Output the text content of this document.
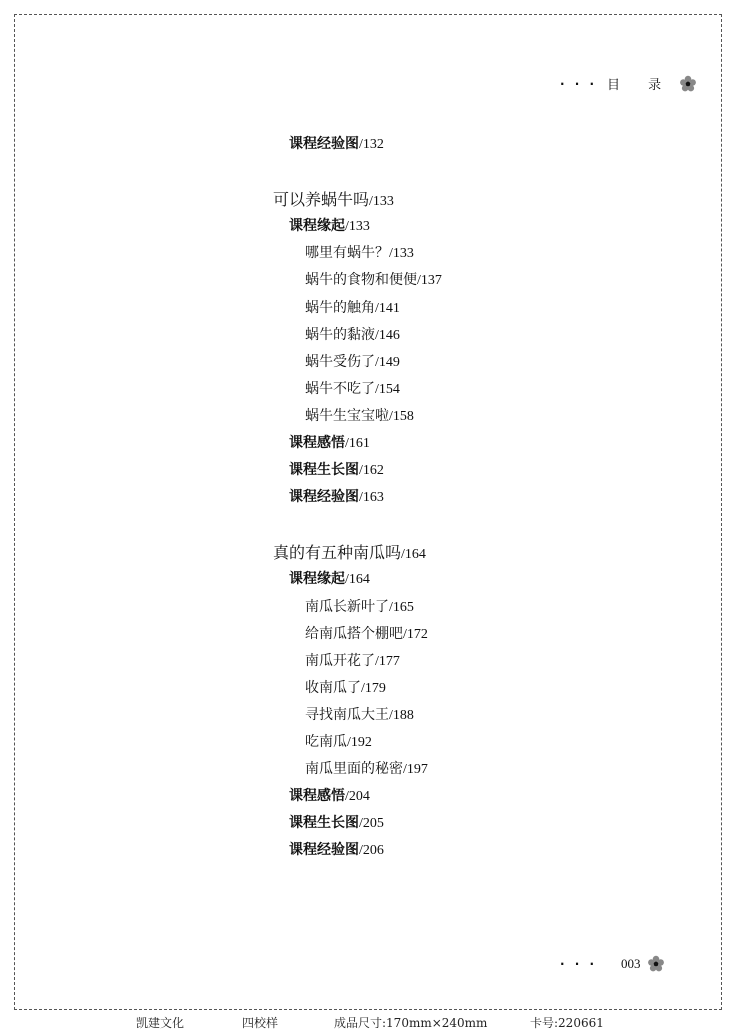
· · · 目 录
课程经验图/132
可以养蜗牛吗/133
课程缘起/133
哪里有蜗牛？/133
蜗牛的食物和便便/137
蜗牛的触角/141
蜗牛的黏液/146
蜗牛受伤了/149
蜗牛不吃了/154
蜗牛生宝宝啦/158
课程感悟/161
课程生长图/162
课程经验图/163
真的有五种南瓜吗/164
课程缘起/164
南瓜长新叶了/165
给南瓜搭个棚吧/172
南瓜开花了/177
收南瓜了/179
寻找南瓜大王/188
吃南瓜/192
南瓜里面的秘密/197
课程感悟/204
课程生长图/205
课程经验图/206
· · · 003
凯建文化	四校样	成品尺寸:170mm×240mm	卡号:220661
